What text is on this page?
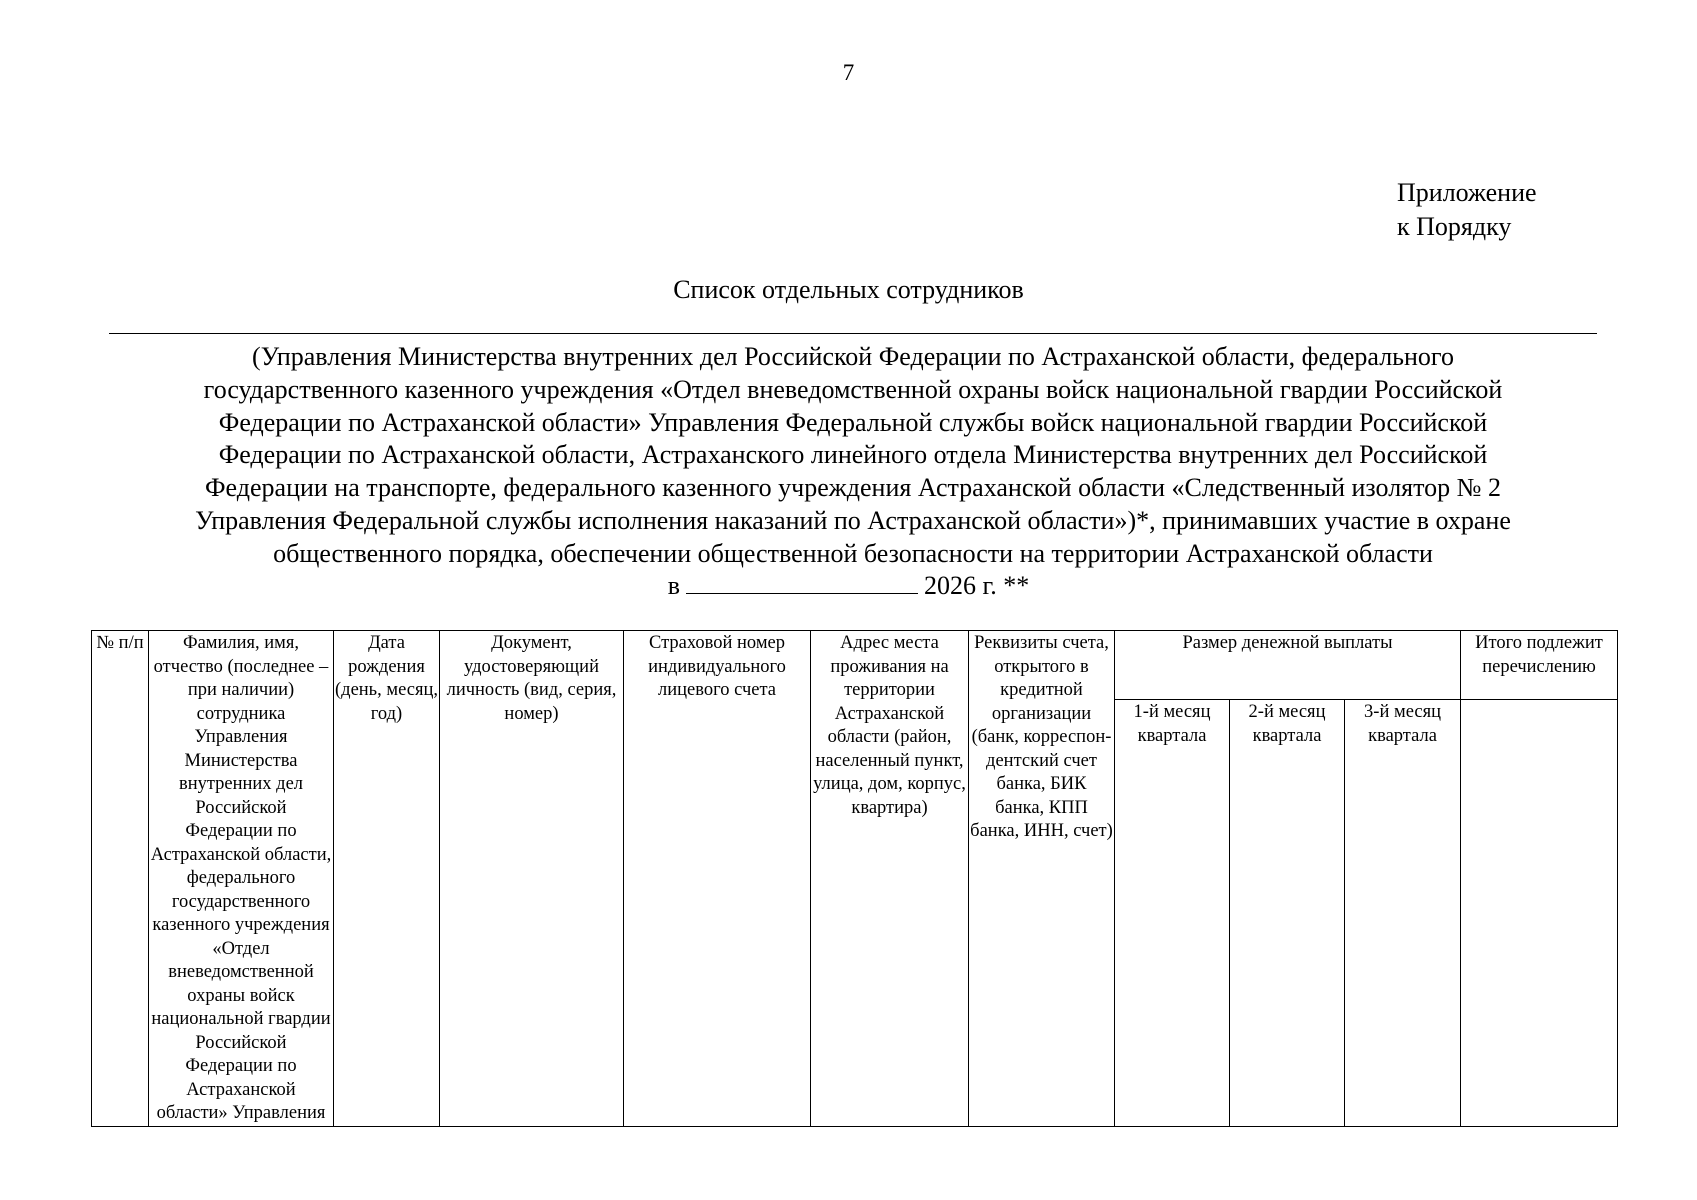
7
Приложение
к Порядку
Список отдельных сотрудников
(Управления Министерства внутренних дел Российской Федерации по Астраханской области, федерального
государственного казенного учреждения «Отдел вневедомственной охраны войск национальной гвардии Российской
Федерации по Астраханской области» Управления Федеральной службы войск национальной гвардии Российской
Федерации по Астраханской области, Астраханского линейного отдела Министерства внутренних дел Российской
Федерации на транспорте, федерального казенного учреждения Астраханской области «Следственный изолятор № 2
Управления Федеральной службы исполнения наказаний по Астраханской области»)*, принимавших участие в охране
общественного порядка, обеспечении общественной безопасности на территории Астраханской области
в	2026 г. **
№ п/п	Фамилия, имя, отчество (последнее – при наличии) сотрудника Управления Министерства внутренних дел Российской Федерации по Астраханской области, федерального государственного казенного учреждения «Отдел вневедомственной охраны войск национальной гвардии Российской Федерации по Астраханской области» Управления	Дата рождения (день, месяц, год)	Документ, удостоверяющий личность (вид, серия, номер)	Страховой номер индивидуального лицевого счета	Адрес места проживания на территории Астраханской области (район, населенный пункт, улица, дом, корпус, квартира)	Реквизиты счета, открытого в кредитной организации (банк, корреспон-дентский счет банка, БИК банка, КПП банка, ИНН, счет)	Размер денежной выплаты			Итого подлежит перечислению

							1-й месяц квартала	2-й месяц квартала	3-й месяц квартала	
